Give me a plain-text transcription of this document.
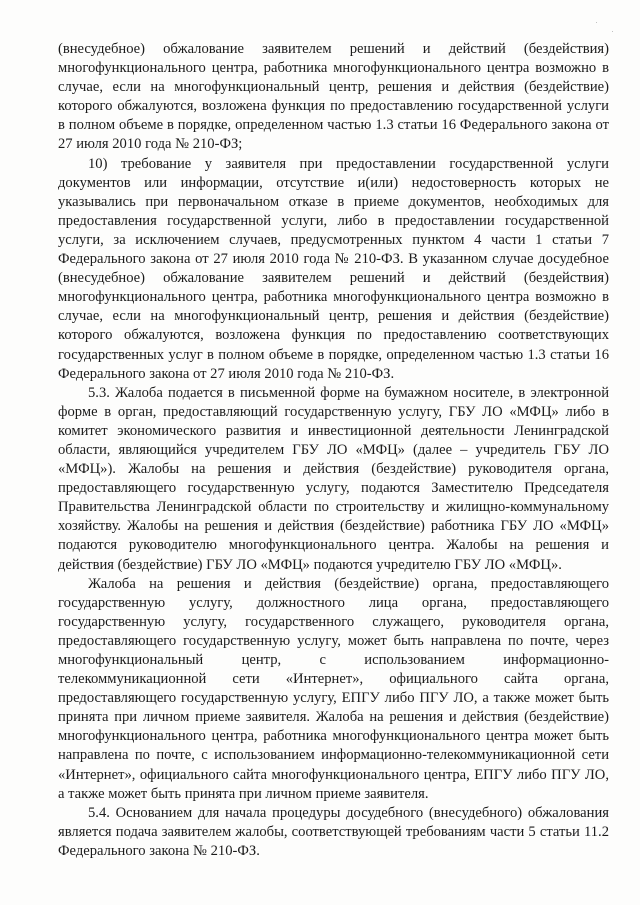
(внесудебное) обжалование заявителем решений и действий (бездействия) многофункционального центра, работника многофункционального центра возможно в случае, если на многофункциональный центр, решения и действия (бездействие) которого обжалуются, возложена функция по предоставлению государственной услуги в полном объеме в порядке, определенном частью 1.3 статьи 16 Федерального закона от 27 июля 2010 года № 210-ФЗ;

10) требование у заявителя при предоставлении государственной услуги документов или информации, отсутствие и(или) недостоверность которых не указывались при первоначальном отказе в приеме документов, необходимых для предоставления государственной услуги, либо в предоставлении государственной услуги, за исключением случаев, предусмотренных пунктом 4 части 1 статьи 7 Федерального закона от 27 июля 2010 года № 210-ФЗ. В указанном случае досудебное (внесудебное) обжалование заявителем решений и действий (бездействия) многофункционального центра, работника многофункционального центра возможно в случае, если на многофункциональный центр, решения и действия (бездействие) которого обжалуются, возложена функция по предоставлению соответствующих государственных услуг в полном объеме в порядке, определенном частью 1.3 статьи 16 Федерального закона от 27 июля 2010 года № 210-ФЗ.

5.3. Жалоба подается в письменной форме на бумажном носителе, в электронной форме в орган, предоставляющий государственную услугу, ГБУ ЛО «МФЦ» либо в комитет экономического развития и инвестиционной деятельности Ленинградской области, являющийся учредителем ГБУ ЛО «МФЦ» (далее – учредитель ГБУ ЛО «МФЦ»). Жалобы на решения и действия (бездействие) руководителя органа, предоставляющего государственную услугу, подаются Заместителю Председателя Правительства Ленинградской области по строительству и жилищно-коммунальному хозяйству. Жалобы на решения и действия (бездействие) работника ГБУ ЛО «МФЦ» подаются руководителю многофункционального центра. Жалобы на решения и действия (бездействие) ГБУ ЛО «МФЦ» подаются учредителю ГБУ ЛО «МФЦ».

Жалоба на решения и действия (бездействие) органа, предоставляющего государственную услугу, должностного лица органа, предоставляющего государственную услугу, государственного служащего, руководителя органа, предоставляющего государственную услугу, может быть направлена по почте, через многофункциональный центр, с использованием информационно-телекоммуникационной сети «Интернет», официального сайта органа, предоставляющего государственную услугу, ЕПГУ либо ПГУ ЛО, а также может быть принята при личном приеме заявителя. Жалоба на решения и действия (бездействие) многофункционального центра, работника многофункционального центра может быть направлена по почте, с использованием информационно-телекоммуникационной сети «Интернет», официального сайта многофункционального центра, ЕПГУ либо ПГУ ЛО, а также может быть принята при личном приеме заявителя.

5.4. Основанием для начала процедуры досудебного (внесудебного) обжалования является подача заявителем жалобы, соответствующей требованиям части 5 статьи 11.2 Федерального закона № 210-ФЗ.
